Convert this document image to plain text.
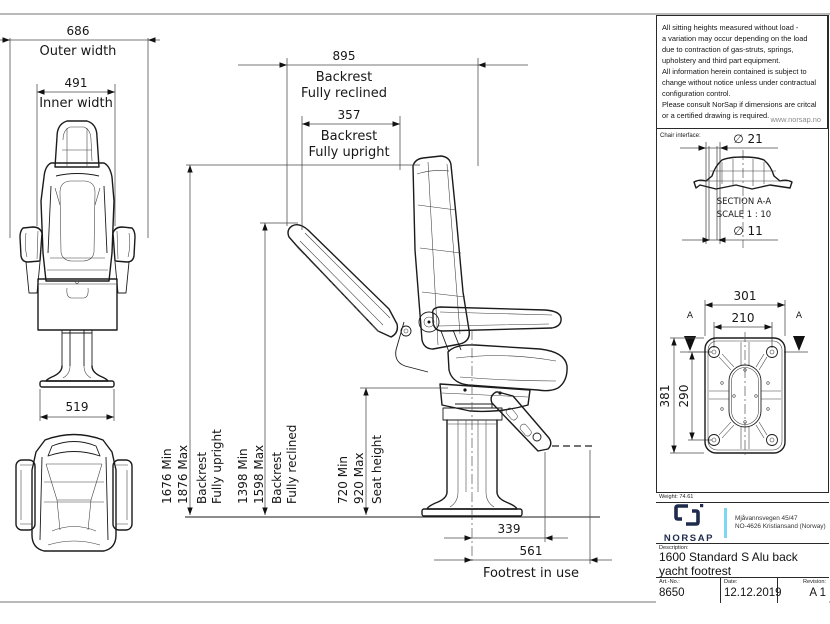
686
Outer width
491
Inner width
519
895
Backrest
Fully reclined
357
Backrest
Fully upright
1676 Min 1876 Max Backrest Fully upright 1398 Min 1598 Max Backrest Fully reclined	720 Min 920 Max Seat height
339
561
Footrest in use
Chair interface:	∅ 21
SECTION A-A
SCALE 1 : 10
∅ 11
301
210
A	A
381 290
All sitting heights measured without load -
a variation may occur depending on the load
due to contraction of gas-struts, springs,
upholstery and third part equipment.
All information herein contained is subject to
change without notice unless under contractual
configuration control.
Please consult NorSap if dimensions are critcal
or a certified drawing is required. www.norsap.no
Weight: 74.61
NORSAP
Mjåvannsvegen 45/47
NO-4626 Kristiansand (Norway)
Description:
1600 Standard S Alu back
yacht footrest
Art.-No.:
8650
Date:
12.12.2019
Revision:
A 1
